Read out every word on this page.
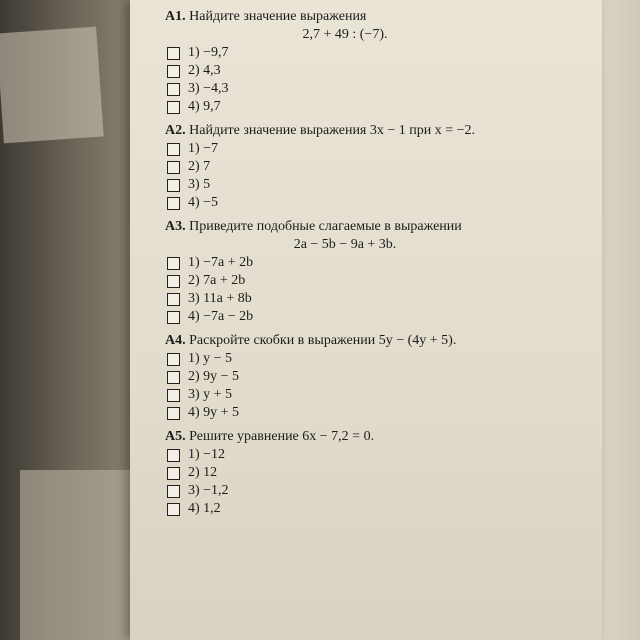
А1. Найдите значение выражения
2,7 + 49 : (−7).
1) −9,7
2) 4,3
3) −4,3
4) 9,7
А2. Найдите значение выражения 3x − 1 при x = −2.
1) −7
2) 7
3) 5
4) −5
А3. Приведите подобные слагаемые в выражении
2a − 5b − 9a + 3b.
1) −7a + 2b
2) 7a + 2b
3) 11a + 8b
4) −7a − 2b
А4. Раскройте скобки в выражении 5y − (4y + 5).
1) y − 5
2) 9y − 5
3) y + 5
4) 9y + 5
А5. Решите уравнение 6x − 7,2 = 0.
1) −12
2) 12
3) −1,2
4) 1,2
